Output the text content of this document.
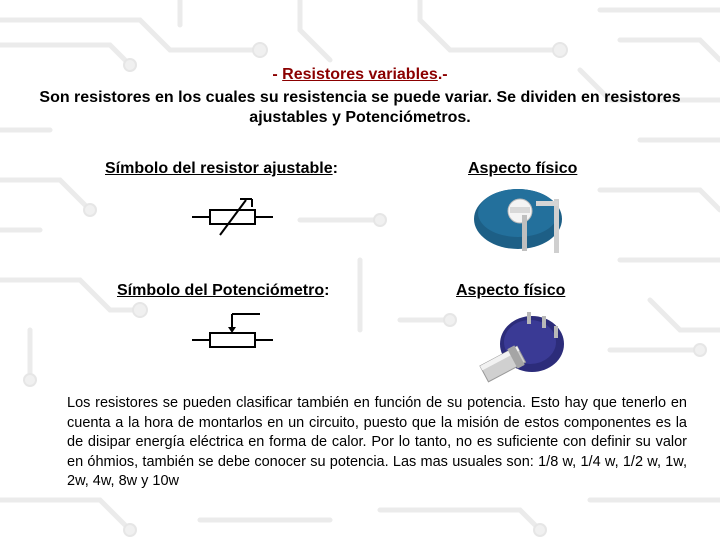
- Resistores variables.-
Son resistores en los cuales su resistencia se puede variar. Se dividen en resistores ajustables y Potenciómetros.
Símbolo del resistor ajustable:	Aspecto físico
Símbolo del Potenciómetro:	Aspecto físico
Los resistores se pueden clasificar también en función de su potencia. Esto hay que tenerlo en cuenta a la hora de montarlos en un circuito, puesto que la misión de estos componentes es la de disipar energía eléctrica en forma de calor. Por lo tanto, no es suficiente con definir su valor en óhmios, también se debe conocer su potencia. Las mas usuales son: 1/8 w, 1/4 w, 1/2 w, 1w, 2w, 4w, 8w y 10w
